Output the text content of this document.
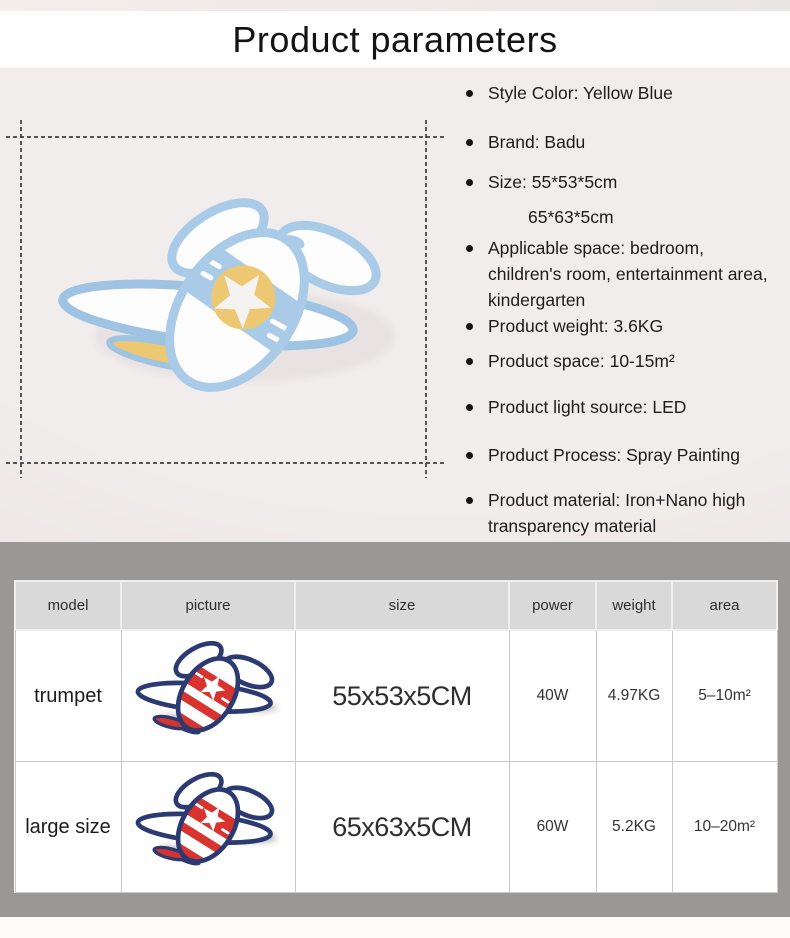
Product parameters
Style Color: Yellow Blue
Brand: Badu
Size: 55*53*5cm
65*63*5cm
Applicable space: bedroom, children's room, entertainment area, kindergarten
Product weight: 3.6KG
Product space: 10-15m²
Product light source: LED
Product Process: Spray Painting
Product material: Iron+Nano high transparency material
model	picture	size	power	weight	area
trumpet		55x53x5CM	40W	4.97KG	5–10m²
large size		65x63x5CM	60W	5.2KG	10–20m²
